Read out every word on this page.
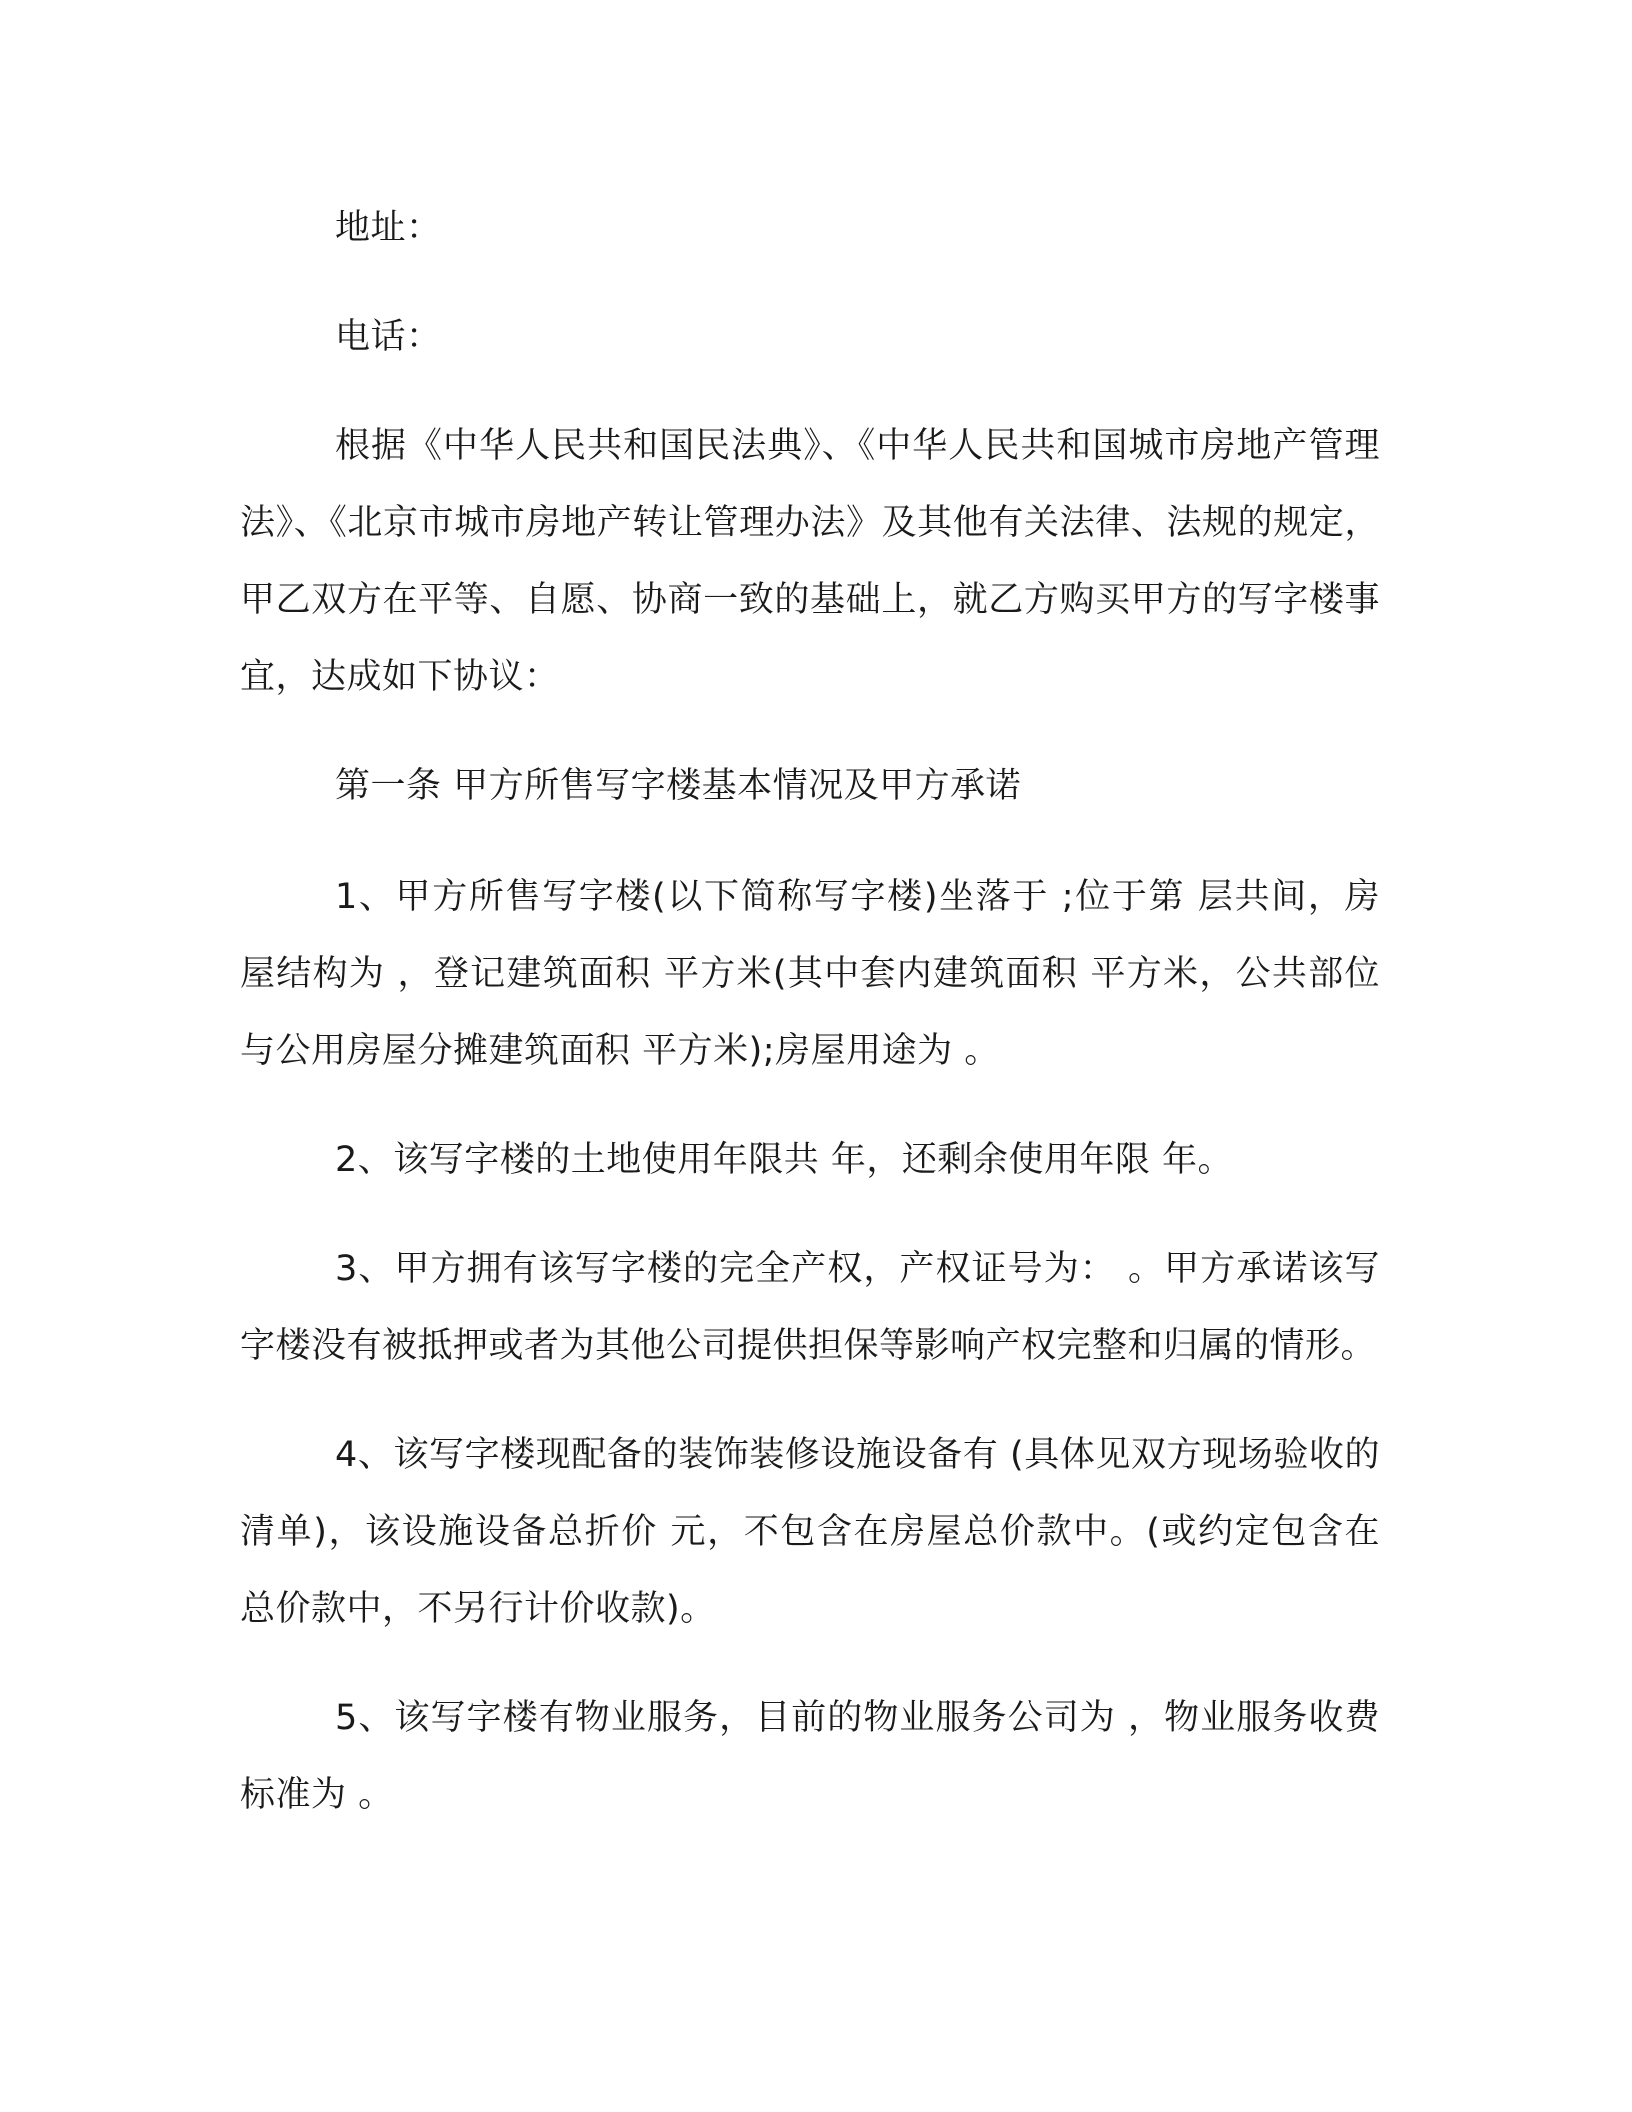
地址：

电话：

根据《中华人民共和国民法典》、《中华人民共和国城市房地产管理法》、《北京市城市房地产转让管理办法》及其他有关法律、法规的规定，甲乙双方在平等、自愿、协商一致的基础上，就乙方购买甲方的写字楼事宜，达成如下协议：

第一条 甲方所售写字楼基本情况及甲方承诺

1、甲方所售写字楼(以下简称写字楼)坐落于 ;位于第 层共间，房屋结构为 ，登记建筑面积 平方米(其中套内建筑面积 平方米，公共部位与公用房屋分摊建筑面积 平方米);房屋用途为 。

2、该写字楼的土地使用年限共 年，还剩余使用年限 年。

3、甲方拥有该写字楼的完全产权，产权证号为： 。甲方承诺该写字楼没有被抵押或者为其他公司提供担保等影响产权完整和归属的情形。

4、该写字楼现配备的装饰装修设施设备有 (具体见双方现场验收的清单)，该设施设备总折价 元，不包含在房屋总价款中。(或约定包含在总价款中，不另行计价收款)。

5、该写字楼有物业服务，目前的物业服务公司为 ，物业服务收费标准为 。
